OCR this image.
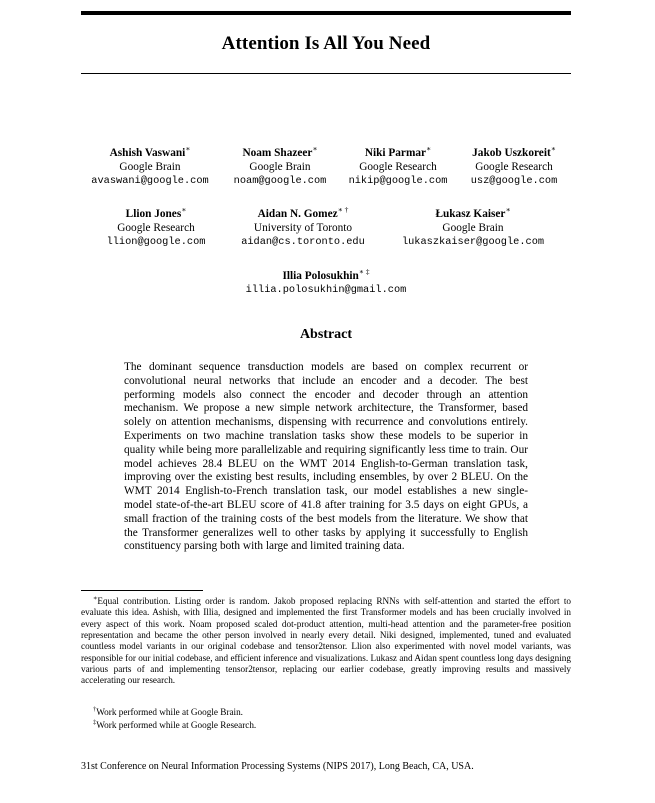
Attention Is All You Need
Ashish Vaswani∗
Google Brain
avaswani@google.com
Noam Shazeer∗
Google Brain
noam@google.com
Niki Parmar∗
Google Research
nikip@google.com
Jakob Uszkoreit∗
Google Research
usz@google.com
Llion Jones∗
Google Research
llion@google.com
Aidan N. Gomez∗ †
University of Toronto
aidan@cs.toronto.edu
Łukasz Kaiser∗
Google Brain
lukaszkaiser@google.com
Illia Polosukhin∗ ‡
illia.polosukhin@gmail.com
Abstract

The dominant sequence transduction models are based on complex recurrent or convolutional neural networks that include an encoder and a decoder. The best performing models also connect the encoder and decoder through an attention mechanism. We propose a new simple network architecture, the Transformer, based solely on attention mechanisms, dispensing with recurrence and convolutions entirely. Experiments on two machine translation tasks show these models to be superior in quality while being more parallelizable and requiring significantly less time to train. Our model achieves 28.4 BLEU on the WMT 2014 English-to-German translation task, improving over the existing best results, including ensembles, by over 2 BLEU. On the WMT 2014 English-to-French translation task, our model establishes a new single-model state-of-the-art BLEU score of 41.8 after training for 3.5 days on eight GPUs, a small fraction of the training costs of the best models from the literature. We show that the Transformer generalizes well to other tasks by applying it successfully to English constituency parsing both with large and limited training data.

∗Equal contribution. Listing order is random. Jakob proposed replacing RNNs with self-attention and started the effort to evaluate this idea. Ashish, with Illia, designed and implemented the first Transformer models and has been crucially involved in every aspect of this work. Noam proposed scaled dot-product attention, multi-head attention and the parameter-free position representation and became the other person involved in nearly every detail. Niki designed, implemented, tuned and evaluated countless model variants in our original codebase and tensor2tensor. Llion also experimented with novel model variants, was responsible for our initial codebase, and efficient inference and visualizations. Lukasz and Aidan spent countless long days designing various parts of and implementing tensor2tensor, replacing our earlier codebase, greatly improving results and massively accelerating our research.

†Work performed while at Google Brain.
‡Work performed while at Google Research.
31st Conference on Neural Information Processing Systems (NIPS 2017), Long Beach, CA, USA.
